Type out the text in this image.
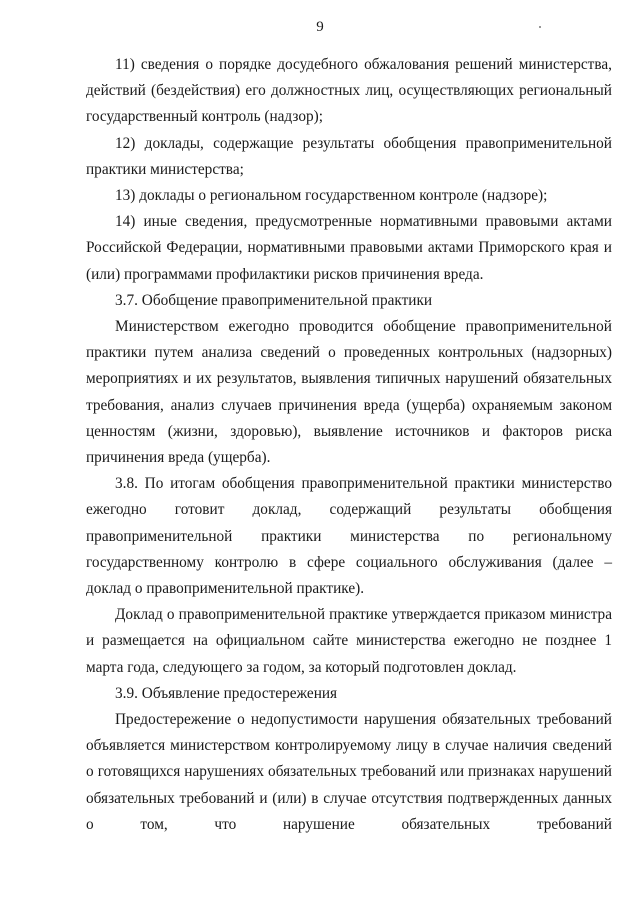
9

11) сведения о порядке досудебного обжалования решений министерства, действий (бездействия) его должностных лиц, осуществляющих региональный государственный контроль (надзор);

12) доклады, содержащие результаты обобщения правоприменительной практики министерства;

13) доклады о региональном государственном контроле (надзоре);

14) иные сведения, предусмотренные нормативными правовыми актами Российской Федерации, нормативными правовыми актами Приморского края и (или) программами профилактики рисков причинения вреда.

3.7. Обобщение правоприменительной практики

Министерством ежегодно проводится обобщение правоприменительной практики путем анализа сведений о проведенных контрольных (надзорных) мероприятиях и их результатов, выявления типичных нарушений обязательных требования, анализ случаев причинения вреда (ущерба) охраняемым законом ценностям (жизни, здоровью), выявление источников и факторов риска причинения вреда (ущерба).

3.8. По итогам обобщения правоприменительной практики министерство ежегодно готовит доклад, содержащий результаты обобщения правоприменительной практики министерства по региональному государственному контролю в сфере социального обслуживания (далее – доклад о правоприменительной практике).

Доклад о правоприменительной практике утверждается приказом министра и размещается на официальном сайте министерства ежегодно не позднее 1 марта года, следующего за годом, за который подготовлен доклад.

3.9. Объявление предостережения

Предостережение о недопустимости нарушения обязательных требований объявляется министерством контролируемому лицу в случае наличия сведений о готовящихся нарушениях обязательных требований или признаках нарушений обязательных требований и (или) в случае отсутствия подтвержденных данных о том, что нарушение обязательных требований
